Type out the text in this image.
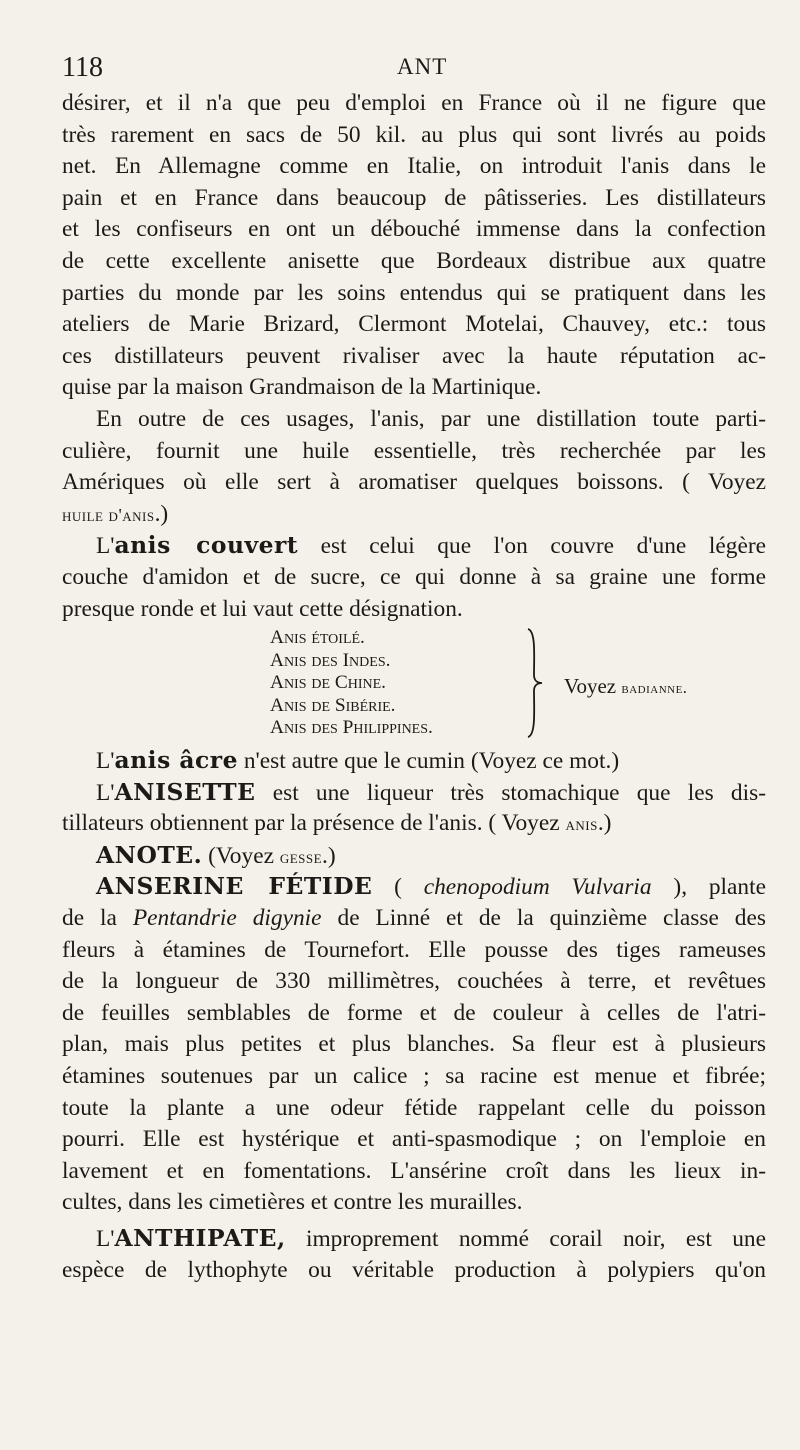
118	ANT
désirer, et il n'a que peu d'emploi en France où il ne figure que
très rarement en sacs de 50 kil. au plus qui sont livrés au poids
net. En Allemagne comme en Italie, on introduit l'anis dans le
pain et en France dans beaucoup de pâtisseries. Les distillateurs
et les confiseurs en ont un débouché immense dans la confection
de cette excellente anisette que Bordeaux distribue aux quatre
parties du monde par les soins entendus qui se pratiquent dans les
ateliers de Marie Brizard, Clermont Motelai, Chauvey, etc.: tous
ces distillateurs peuvent rivaliser avec la haute réputation ac-
quise par la maison Grandmaison de la Martinique.
En outre de ces usages, l'anis, par une distillation toute parti-
culière, fournit une huile essentielle, très recherchée par les
Amériques où elle sert à aromatiser quelques boissons. ( Voyez
huile d'anis.)
L'anis couvert est celui que l'on couvre d'une légère
couche d'amidon et de sucre, ce qui donne à sa graine une forme
presque ronde et lui vaut cette désignation.
Anis étoilé.
Anis des Indes.
Anis de Chine.
Anis de Sibérie.
Anis des Philippines.
Voyez badianne.
L'anis âcre n'est autre que le cumin (Voyez ce mot.)
L'ANISETTE est une liqueur très stomachique que les dis-
tillateurs obtiennent par la présence de l'anis. ( Voyez anis.)
ANOTE. (Voyez gesse.)
ANSERINE FÉTIDE ( chenopodium Vulvaria ), plante
de la Pentandrie digynie de Linné et de la quinzième classe des
fleurs à étamines de Tournefort. Elle pousse des tiges rameuses
de la longueur de 330 millimètres, couchées à terre, et revêtues
de feuilles semblables de forme et de couleur à celles de l'atri-
plan, mais plus petites et plus blanches. Sa fleur est à plusieurs
étamines soutenues par un calice ; sa racine est menue et fibrée;
toute la plante a une odeur fétide rappelant celle du poisson
pourri. Elle est hystérique et anti-spasmodique ; on l'emploie en
lavement et en fomentations. L'ansérine croît dans les lieux in-
cultes, dans les cimetières et contre les murailles.
L'ANTHIPATE, improprement nommé corail noir, est une
espèce de lythophyte ou véritable production à polypiers qu'on
